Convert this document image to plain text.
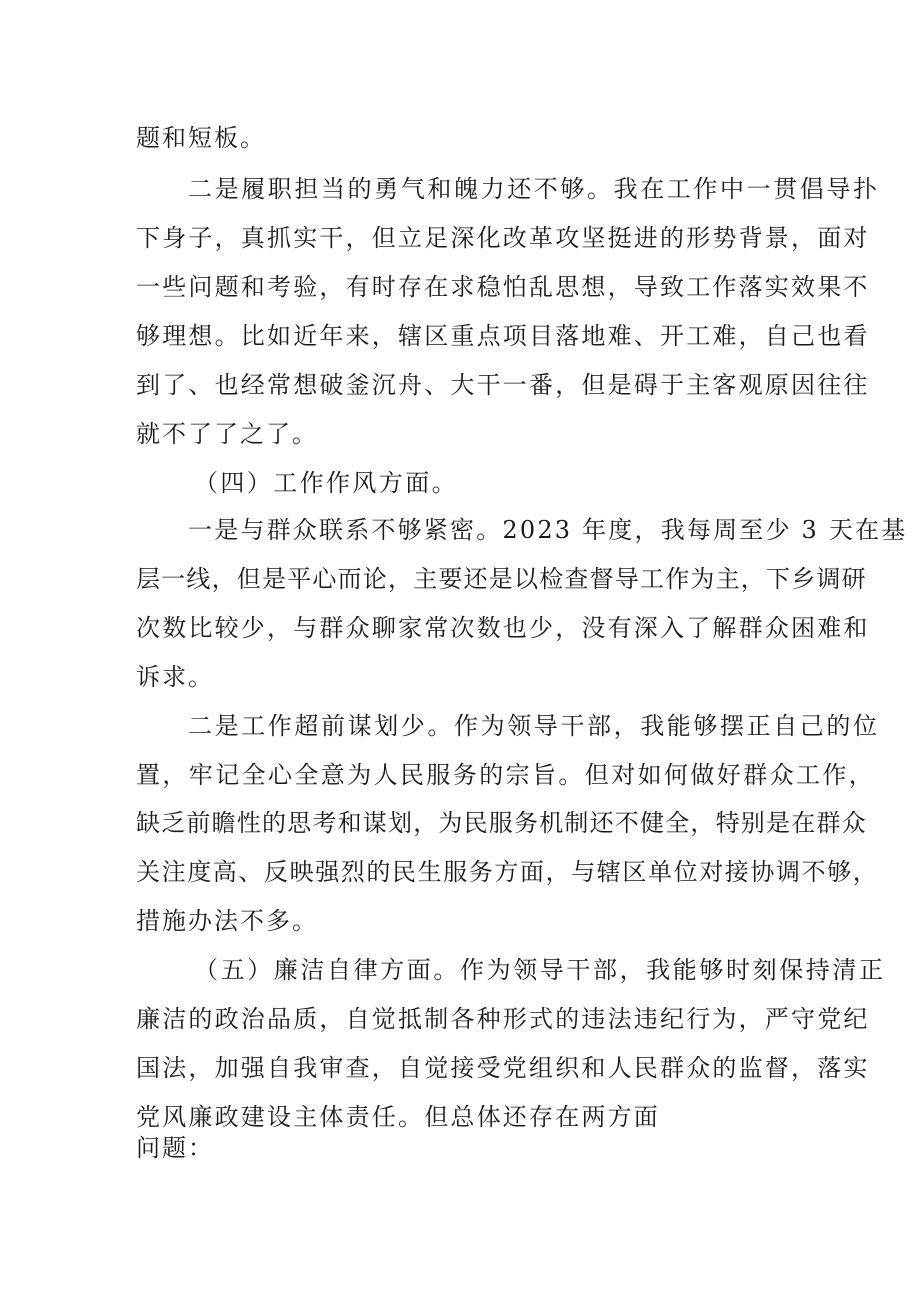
题和短板。

二是履职担当的勇气和魄力还不够。我在工作中一贯倡导扑

下身子，真抓实干，但立足深化改革攻坚挺进的形势背景，面对

一些问题和考验，有时存在求稳怕乱思想，导致工作落实效果不

够理想。比如近年来，辖区重点项目落地难、开工难，自己也看

到了、也经常想破釜沉舟、大干一番，但是碍于主客观原因往往

就不了了之了。

（四）工作作风方面。

一是与群众联系不够紧密。2023 年度，我每周至少 3 天在基

层一线，但是平心而论，主要还是以检查督导工作为主，下乡调研

次数比较少，与群众聊家常次数也少，没有深入了解群众困难和

诉求。

二是工作超前谋划少。作为领导干部，我能够摆正自己的位

置，牢记全心全意为人民服务的宗旨。但对如何做好群众工作，

缺乏前瞻性的思考和谋划，为民服务机制还不健全，特别是在群众

关注度高、反映强烈的民生服务方面，与辖区单位对接协调不够，

措施办法不多。

（五）廉洁自律方面。作为领导干部，我能够时刻保持清正

廉洁的政治品质，自觉抵制各种形式的违法违纪行为，严守党纪

国法，加强自我审查，自觉接受党组织和人民群众的监督，落实

党风廉政建设主体责任。但总体还存在两方面

问题：
